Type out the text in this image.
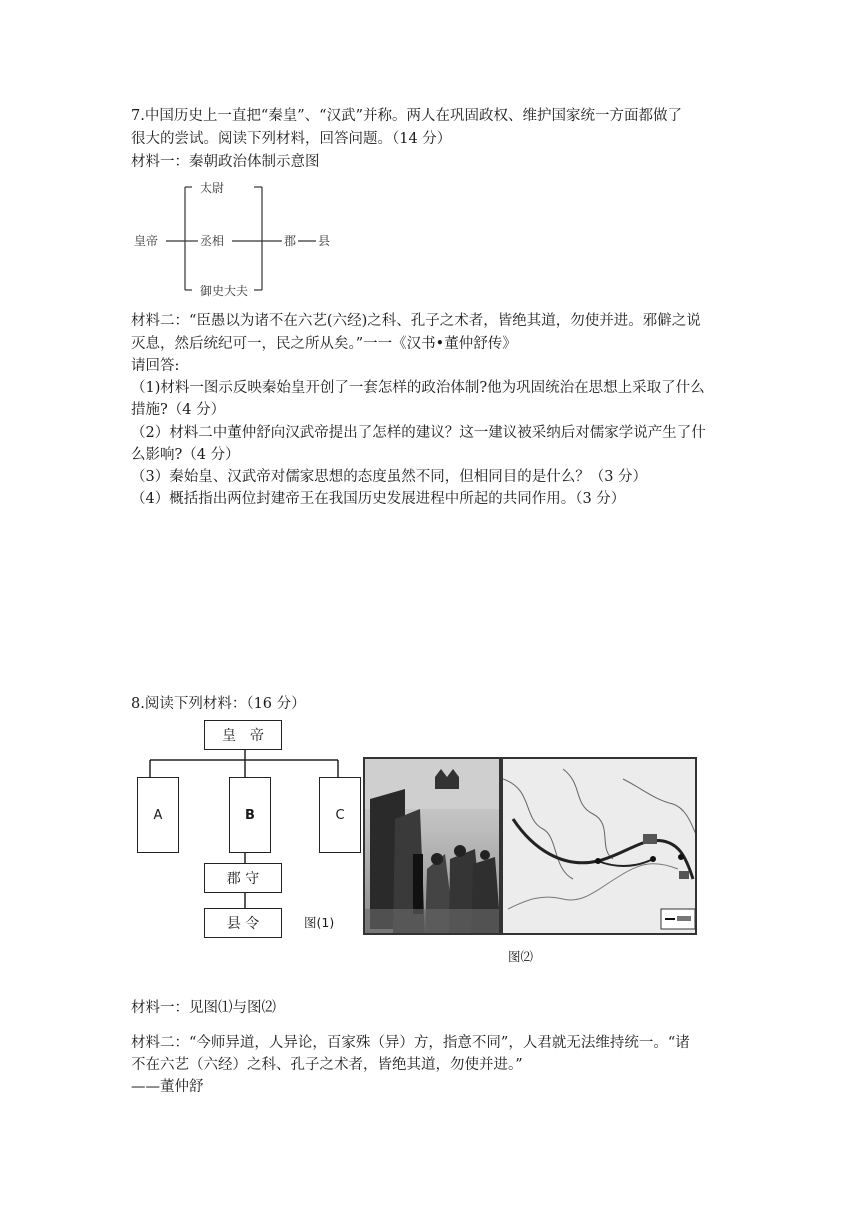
7.中国历史上一直把“秦皇”、“汉武”并称。两人在巩固政权、维护国家统一方面都做了
很大的尝试。阅读下列材料，回答问题。（14 分）
材料一：秦朝政治体制示意图
皇帝
太尉
丞相
御史大夫
郡 县
材料二：“臣愚以为诸不在六艺(六经)之科、孔子之术者，皆绝其道，勿使并进。邪僻之说
灭息，然后统纪可一，民之所从矣。”一一《汉书•董仲舒传》
请回答:
（1)材料一图示反映秦始皇开创了一套怎样的政治体制?他为巩固统治在思想上采取了什么
措施?（4 分）
（2）材料二中董仲舒向汉武帝提出了怎样的建议？这一建议被采纳后对儒家学说产生了什
么影响?（4 分）
（3）秦始皇、汉武帝对儒家思想的态度虽然不同，但相同目的是什么？（3 分）
（4）概括指出两位封建帝王在我国历史发展进程中所起的共同作用。（3 分）
8.阅读下列材料：（16 分）
皇　帝
A	B	C
郡 守
县 令	图(1)
图⑵
材料一：见图⑴与图⑵
材料二：“今师异道，人异论，百家殊（异）方，指意不同”，人君就无法维持统一。“诸
不在六艺（六经）之科、孔子之术者，皆绝其道，勿使并进。”
——董仲舒
